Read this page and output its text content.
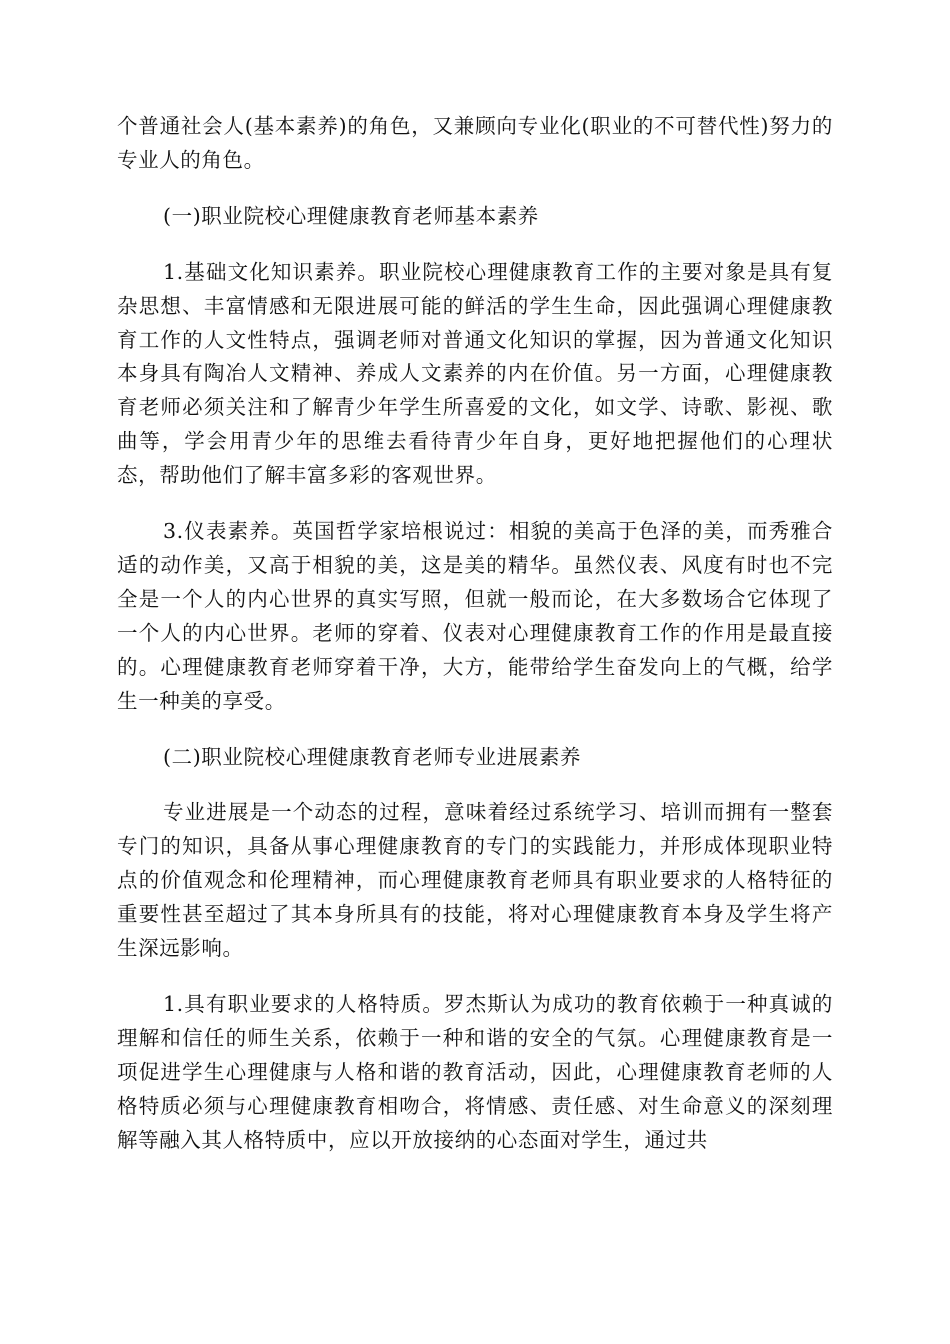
个普通社会人(基本素养)的角色，又兼顾向专业化(职业的不可替代性)努力的专业人的角色。

(一)职业院校心理健康教育老师基本素养

1.基础文化知识素养。职业院校心理健康教育工作的主要对象是具有复杂思想、丰富情感和无限进展可能的鲜活的学生生命，因此强调心理健康教育工作的人文性特点，强调老师对普通文化知识的掌握，因为普通文化知识本身具有陶冶人文精神、养成人文素养的内在价值。另一方面，心理健康教育老师必须关注和了解青少年学生所喜爱的文化，如文学、诗歌、影视、歌曲等，学会用青少年的思维去看待青少年自身，更好地把握他们的心理状态，帮助他们了解丰富多彩的客观世界。

3.仪表素养。英国哲学家培根说过：相貌的美高于色泽的美，而秀雅合适的动作美，又高于相貌的美，这是美的精华。虽然仪表、风度有时也不完全是一个人的内心世界的真实写照，但就一般而论，在大多数场合它体现了一个人的内心世界。老师的穿着、仪表对心理健康教育工作的作用是最直接的。心理健康教育老师穿着干净，大方，能带给学生奋发向上的气概，给学生一种美的享受。

(二)职业院校心理健康教育老师专业进展素养

专业进展是一个动态的过程，意味着经过系统学习、培训而拥有一整套专门的知识，具备从事心理健康教育的专门的实践能力，并形成体现职业特点的价值观念和伦理精神，而心理健康教育老师具有职业要求的人格特征的重要性甚至超过了其本身所具有的技能，将对心理健康教育本身及学生将产生深远影响。

1.具有职业要求的人格特质。罗杰斯认为成功的教育依赖于一种真诚的理解和信任的师生关系，依赖于一种和谐的安全的气氛。心理健康教育是一项促进学生心理健康与人格和谐的教育活动，因此，心理健康教育老师的人格特质必须与心理健康教育相吻合，将情感、责任感、对生命意义的深刻理解等融入其人格特质中，应以开放接纳的心态面对学生，通过共
